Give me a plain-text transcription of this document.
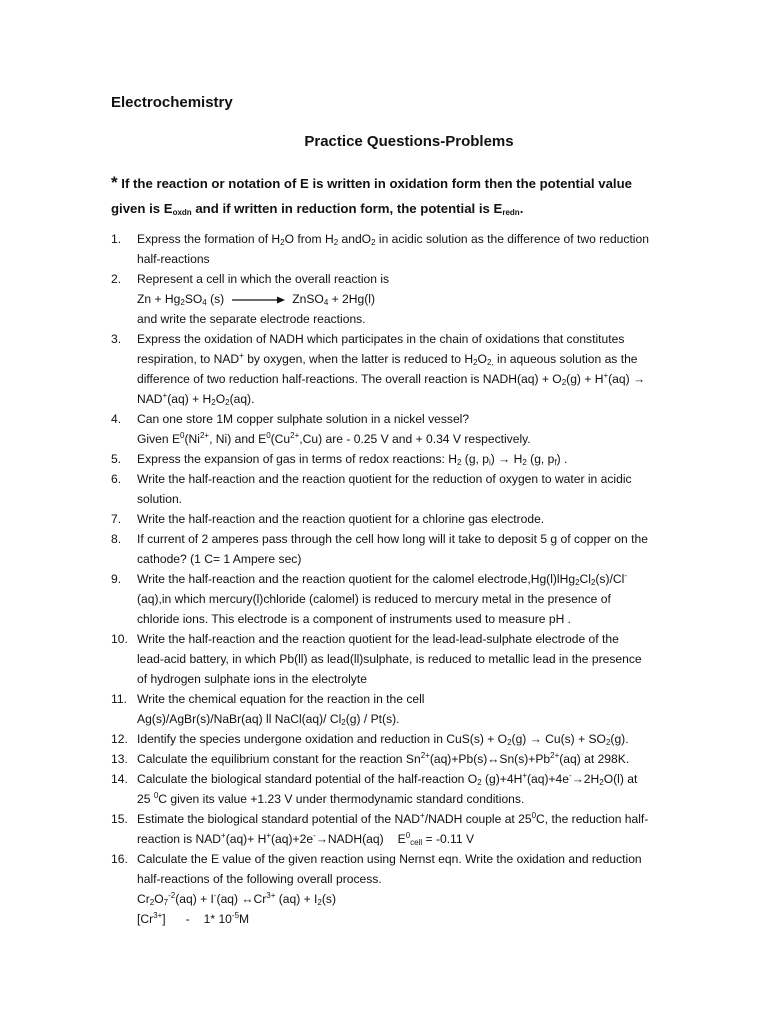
Electrochemistry
Practice Questions-Problems
* If the reaction or notation of E is written in oxidation form then the potential value
given is $E_{oxdn}$ and if written in reduction form, the potential is $E_{redn}$.
1. Express the formation of $H_2O$ from $H_2$ andO$_2$ in acidic solution as the difference of two reduction
half-reactions
2. Represent a cell in which the overall reaction is
$Zn + Hg_2SO_4$ (s)	ZnSO$_4$ + 2Hg(l)
and write the separate electrode reactions.
3. Express the oxidation of NADH which participates in the chain of oxidations that constitutes
respiration, to NAD+ by oxygen, when the latter is reduced to $H_2O_{2,}$ in aqueous solution as the
difference of two reduction half-reactions. The overall reaction is NADH(aq) + $O_2(g) + H^+(aq)$ →
$NAD^+(aq) + H_2O_2(aq)$.
4. Can one store 1M copper sulphate solution in a nickel vessel?
Given $E^0(Ni^{2+}$, Ni) and $E^0(Cu^{2+},Cu)$ are - 0.25 V and + 0.34 V respectively.
5. Express the expansion of gas in terms of redox reactions: $H_2$ (g, $p_i) \to H_2$ (g, $p_f$) .
6. Write the half-reaction and the reaction quotient for the reduction of oxygen to water in acidic
solution.
7. Write the half-reaction and the reaction quotient for a chlorine gas electrode.
8. If current of 2 amperes pass through the cell how long will it take to deposit 5 g of copper on the
cathode? (1 C= 1 Ampere sec)
9. Write the half-reaction and the reaction quotient for the calomel $electrode,Hg(l)lHg_2Cl_2(s)/Cl^-$
(aq),in which mercury(l)chloride (calomel) is reduced to mercury metal in the presence of
chloride ions. This electrode is a component of instruments used to measure pH .
10. Write the half-reaction and the reaction quotient for the lead-lead-sulphate electrode of the
lead-acid battery, in which Pb(ll) as lead(ll)sulphate, is reduced to metallic lead in the presence
of hydrogen sulphate ions in the electrolyte
11. Write the chemical equation for the reaction in the cell
Ag(s)/AgBr(s)/NaBr(aq) ll NaCl(aq)/ $Cl_2(g) / Pt(s)$.
12. Identify the species undergone oxidation and reduction in $CuS(s) + O_2(g) \to Cu(s) + SO_2(g)$.
13. Calculate the equilibrium constant for the reaction $Sn^{2+}(aq)+Pb(s)\leftrightarrow Sn(s)+Pb^{2+}(aq)$ at 298K.
14. Calculate the biological standard potential of the half-reaction $O_2$ $(g)+4H^+(aq)+4e^-\to 2H_2O(l)$ at
25 $^0$C given its value +1.23 V under thermodynamic standard conditions.
15. Estimate the biological standard potential of the NAD+/NADH couple at $25^0C$, the reduction half-
reaction is NAD+(aq)+ H+(aq)+2e-→NADH(aq) $E^0_{cell} = -0.11$ V
16. Calculate the E value of the given reaction using Nernst eqn. Write the oxidation and reduction
half-reactions of the following overall process.
$Cr_2O_7^{-2}(aq) + I^-(aq)$ $\leftrightarrow Cr^{3+}$ $(aq) + I_2(s)$
$[Cr^{3+}] - 1*$ $10^{-5}M$
